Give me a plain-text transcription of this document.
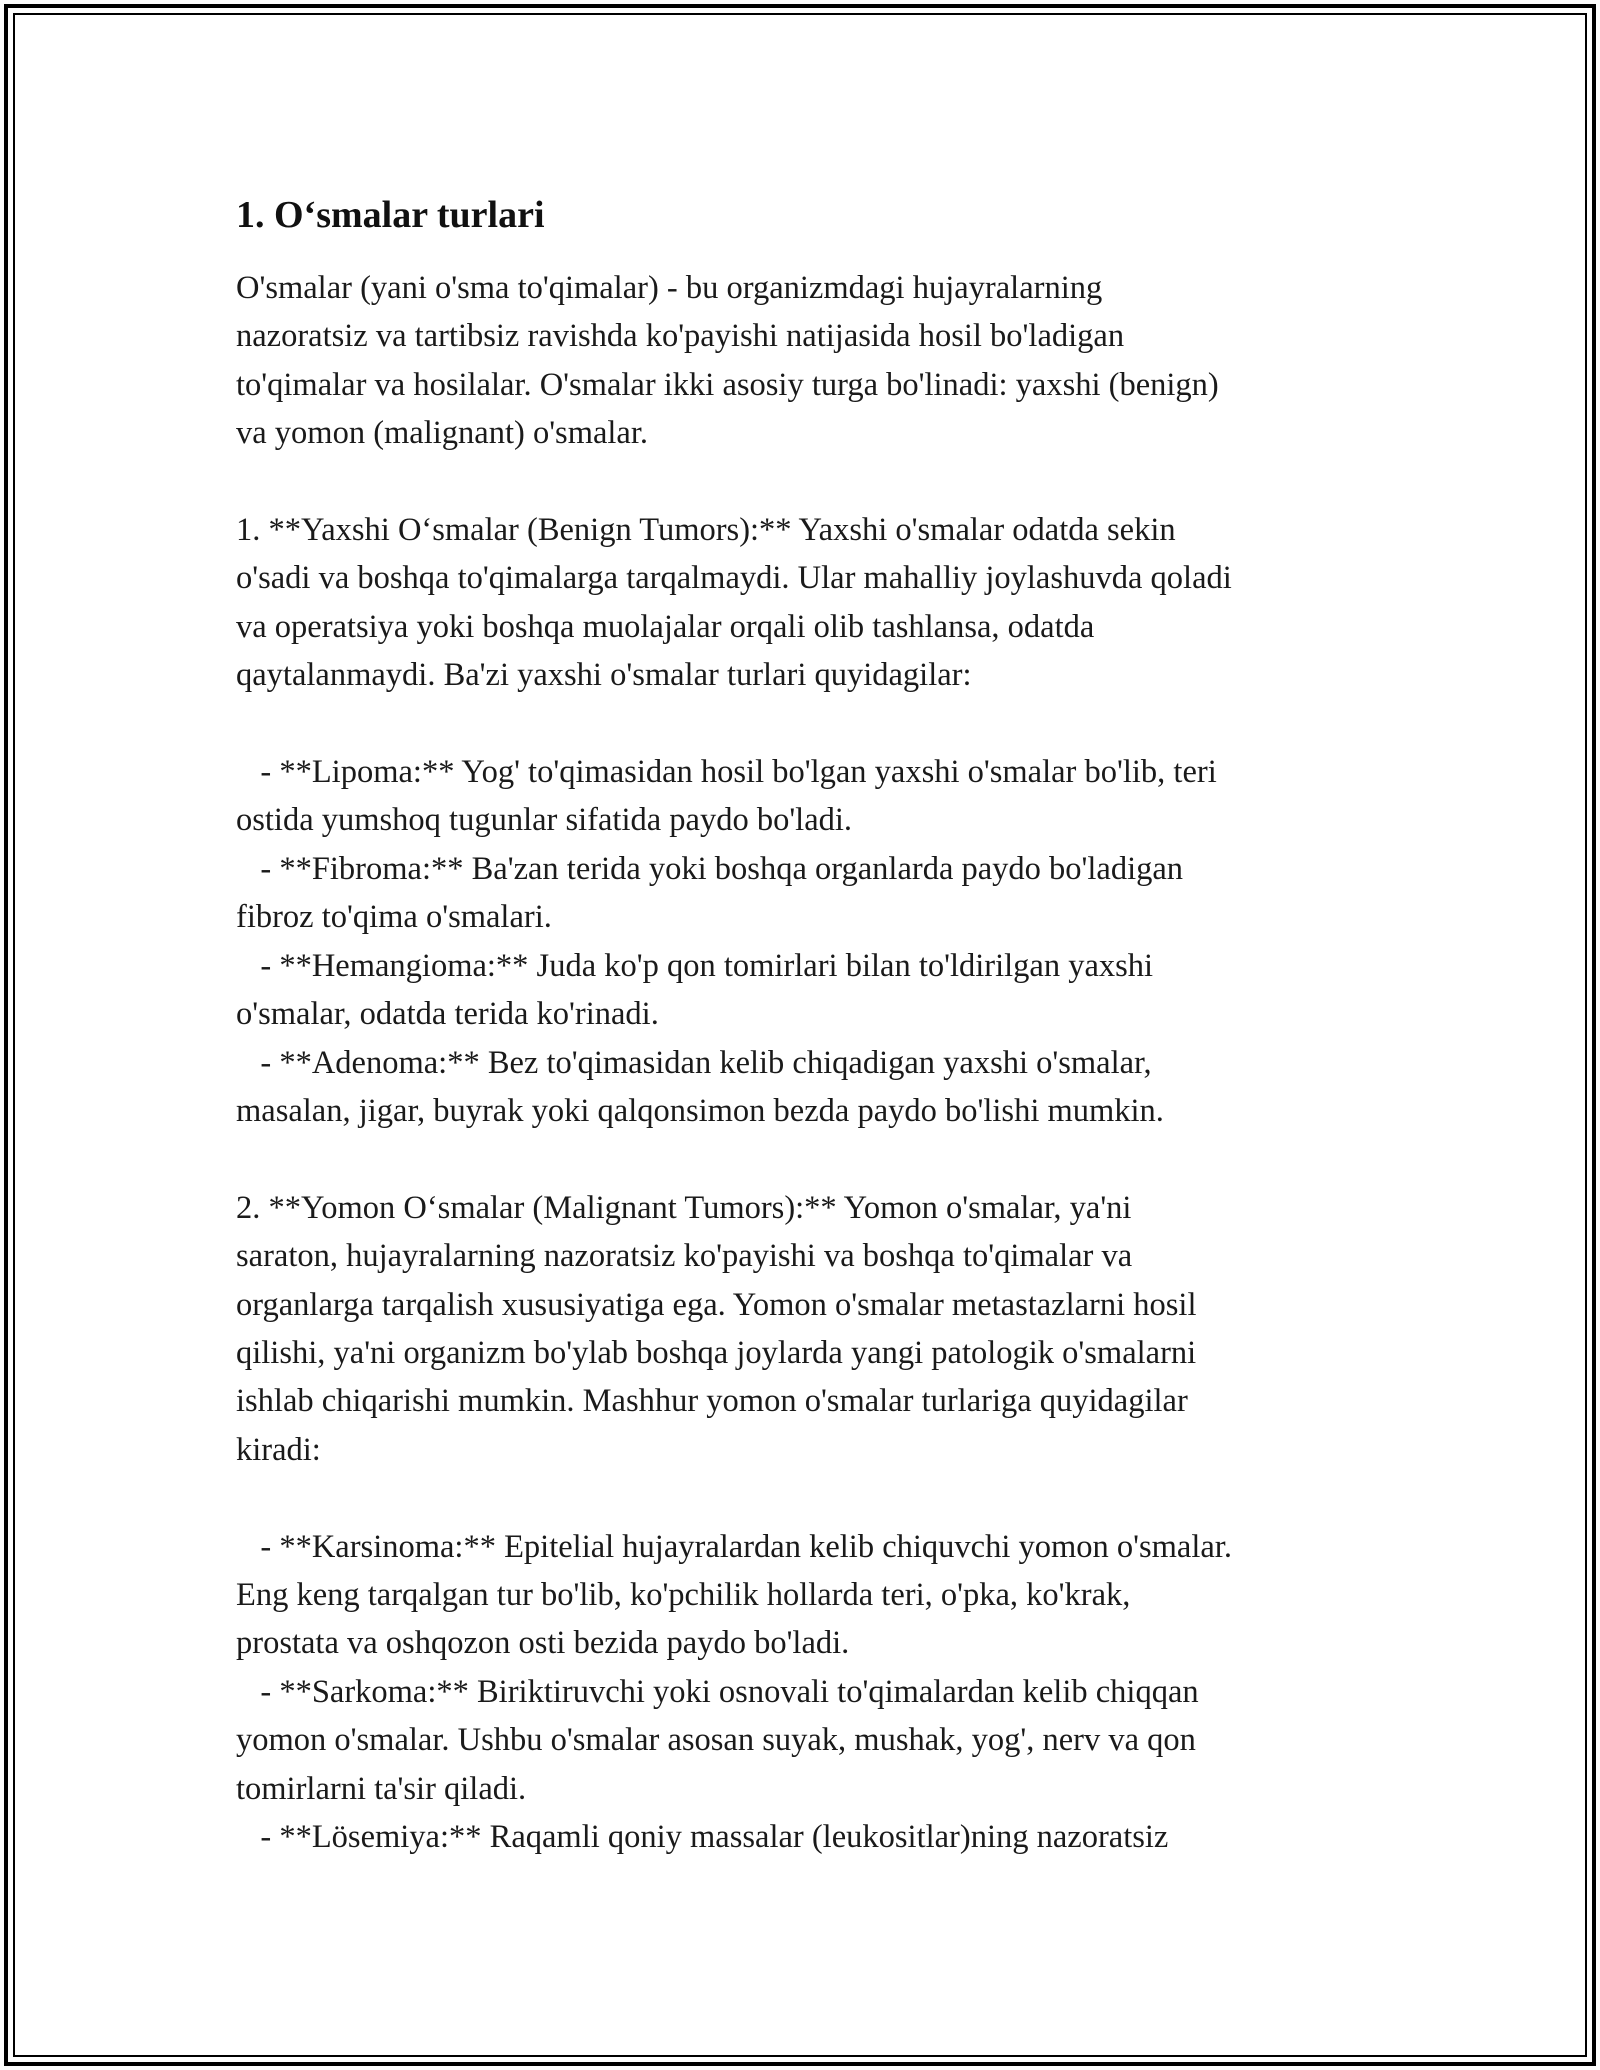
1. O‘smalar turlari

O'smalar (yani o'sma to'qimalar) - bu organizmdagi hujayralarning
nazoratsiz va tartibsiz ravishda ko'payishi natijasida hosil bo'ladigan
to'qimalar va hosilalar. O'smalar ikki asosiy turga bo'linadi: yaxshi (benign)
va yomon (malignant) o'smalar.

1. **Yaxshi O‘smalar (Benign Tumors):** Yaxshi o'smalar odatda sekin
o'sadi va boshqa to'qimalarga tarqalmaydi. Ular mahalliy joylashuvda qoladi
va operatsiya yoki boshqa muolajalar orqali olib tashlansa, odatda
qaytalanmaydi. Ba'zi yaxshi o'smalar turlari quyidagilar:

- **Lipoma:** Yog' to'qimasidan hosil bo'lgan yaxshi o'smalar bo'lib, teri
ostida yumshoq tugunlar sifatida paydo bo'ladi.
- **Fibroma:** Ba'zan terida yoki boshqa organlarda paydo bo'ladigan
fibroz to'qima o'smalari.
- **Hemangioma:** Juda ko'p qon tomirlari bilan to'ldirilgan yaxshi
o'smalar, odatda terida ko'rinadi.
- **Adenoma:** Bez to'qimasidan kelib chiqadigan yaxshi o'smalar,
masalan, jigar, buyrak yoki qalqonsimon bezda paydo bo'lishi mumkin.

2. **Yomon O‘smalar (Malignant Tumors):** Yomon o'smalar, ya'ni
saraton, hujayralarning nazoratsiz ko'payishi va boshqa to'qimalar va
organlarga tarqalish xususiyatiga ega. Yomon o'smalar metastazlarni hosil
qilishi, ya'ni organizm bo'ylab boshqa joylarda yangi patologik o'smalarni
ishlab chiqarishi mumkin. Mashhur yomon o'smalar turlariga quyidagilar
kiradi:

- **Karsinoma:** Epitelial hujayralardan kelib chiquvchi yomon o'smalar.
Eng keng tarqalgan tur bo'lib, ko'pchilik hollarda teri, o'pka, ko'krak,
prostata va oshqozon osti bezida paydo bo'ladi.
- **Sarkoma:** Biriktiruvchi yoki osnovali to'qimalardan kelib chiqqan
yomon o'smalar. Ushbu o'smalar asosan suyak, mushak, yog', nerv va qon
tomirlarni ta'sir qiladi.
- **Lösemiya:** Raqamli qoniy massalar (leukositlar)ning nazoratsiz
